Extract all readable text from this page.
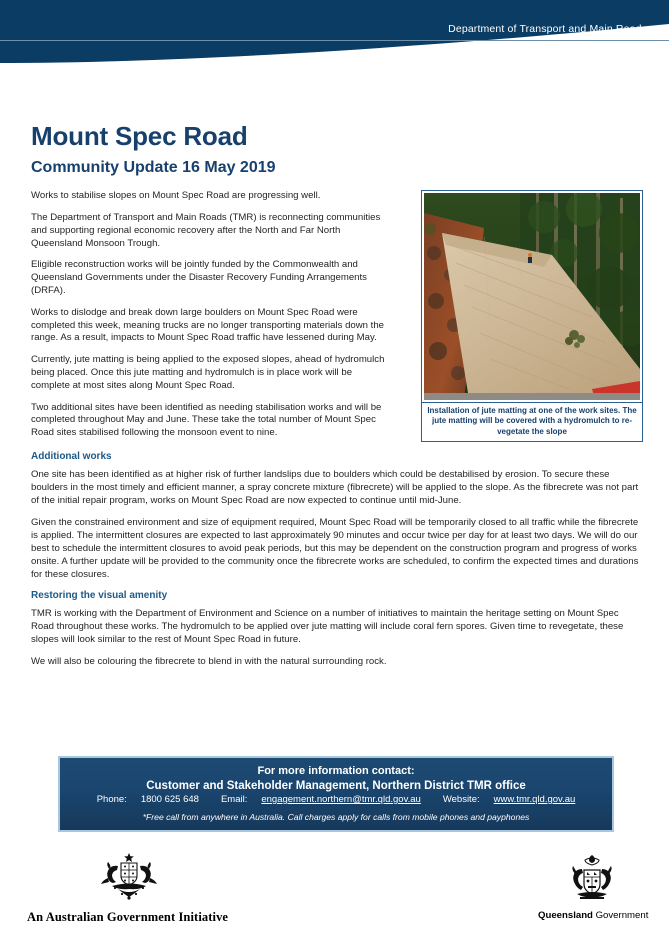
Department of Transport and Main Roads
Mount Spec Road
Community Update 16 May 2019

Works to stabilise slopes on Mount Spec Road are progressing well.

The Department of Transport and Main Roads (TMR) is reconnecting communities and supporting regional economic recovery after the North and Far North Queensland Monsoon Trough.

Eligible reconstruction works will be jointly funded by the Commonwealth and Queensland Governments under the Disaster Recovery Funding Arrangements (DRFA).

Works to dislodge and break down large boulders on Mount Spec Road were completed this week, meaning trucks are no longer transporting materials down the range. As a result, impacts to Mount Spec Road traffic have lessened during May.

Currently, jute matting is being applied to the exposed slopes, ahead of hydromulch being placed. Once this jute matting and hydromulch is in place work will be complete at most sites along Mount Spec Road.

Two additional sites have been identified as needing stabilisation works and will be completed throughout May and June. These take the total number of Mount Spec Road sites stabilised following the monsoon event to nine.

Installation of jute matting at one of the work sites. The jute matting will be covered with a hydromulch to re-vegetate the slope
Additional works

One site has been identified as at higher risk of further landslips due to boulders which could be destabilised by erosion. To secure these boulders in the most timely and efficient manner, a spray concrete mixture (fibrecrete) will be applied to the slope. As the fibrecrete was not part of the initial repair program, works on Mount Spec Road are now expected to continue until mid-June.

Given the constrained environment and size of equipment required, Mount Spec Road will be temporarily closed to all traffic while the fibrecrete is applied. The intermittent closures are expected to last approximately 90 minutes and occur twice per day for at least two days. We will do our best to schedule the intermittent closures to avoid peak periods, but this may be dependent on the construction program and progress of works onsite. A further update will be provided to the community once the fibrecrete works are scheduled, to confirm the expected times and durations for these closures.

Restoring the visual amenity

TMR is working with the Department of Environment and Science on a number of initiatives to maintain the heritage setting on Mount Spec Road throughout these works. The hydromulch to be applied over jute matting will include coral fern spores. Given time to revegetate, these slopes will look similar to the rest of Mount Spec Road in future.

We will also be colouring the fibrecrete to blend in with the natural surrounding rock.

For more information contact:
Customer and Stakeholder Management, Northern District TMR office
Phone: 1800 625 648 Email: engagement.northern@tmr.qld.gov.au Website: www.tmr.qld.gov.au
*Free call from anywhere in Australia. Call charges apply for calls from mobile phones and payphones
An Australian Government Initiative	Queensland Government
